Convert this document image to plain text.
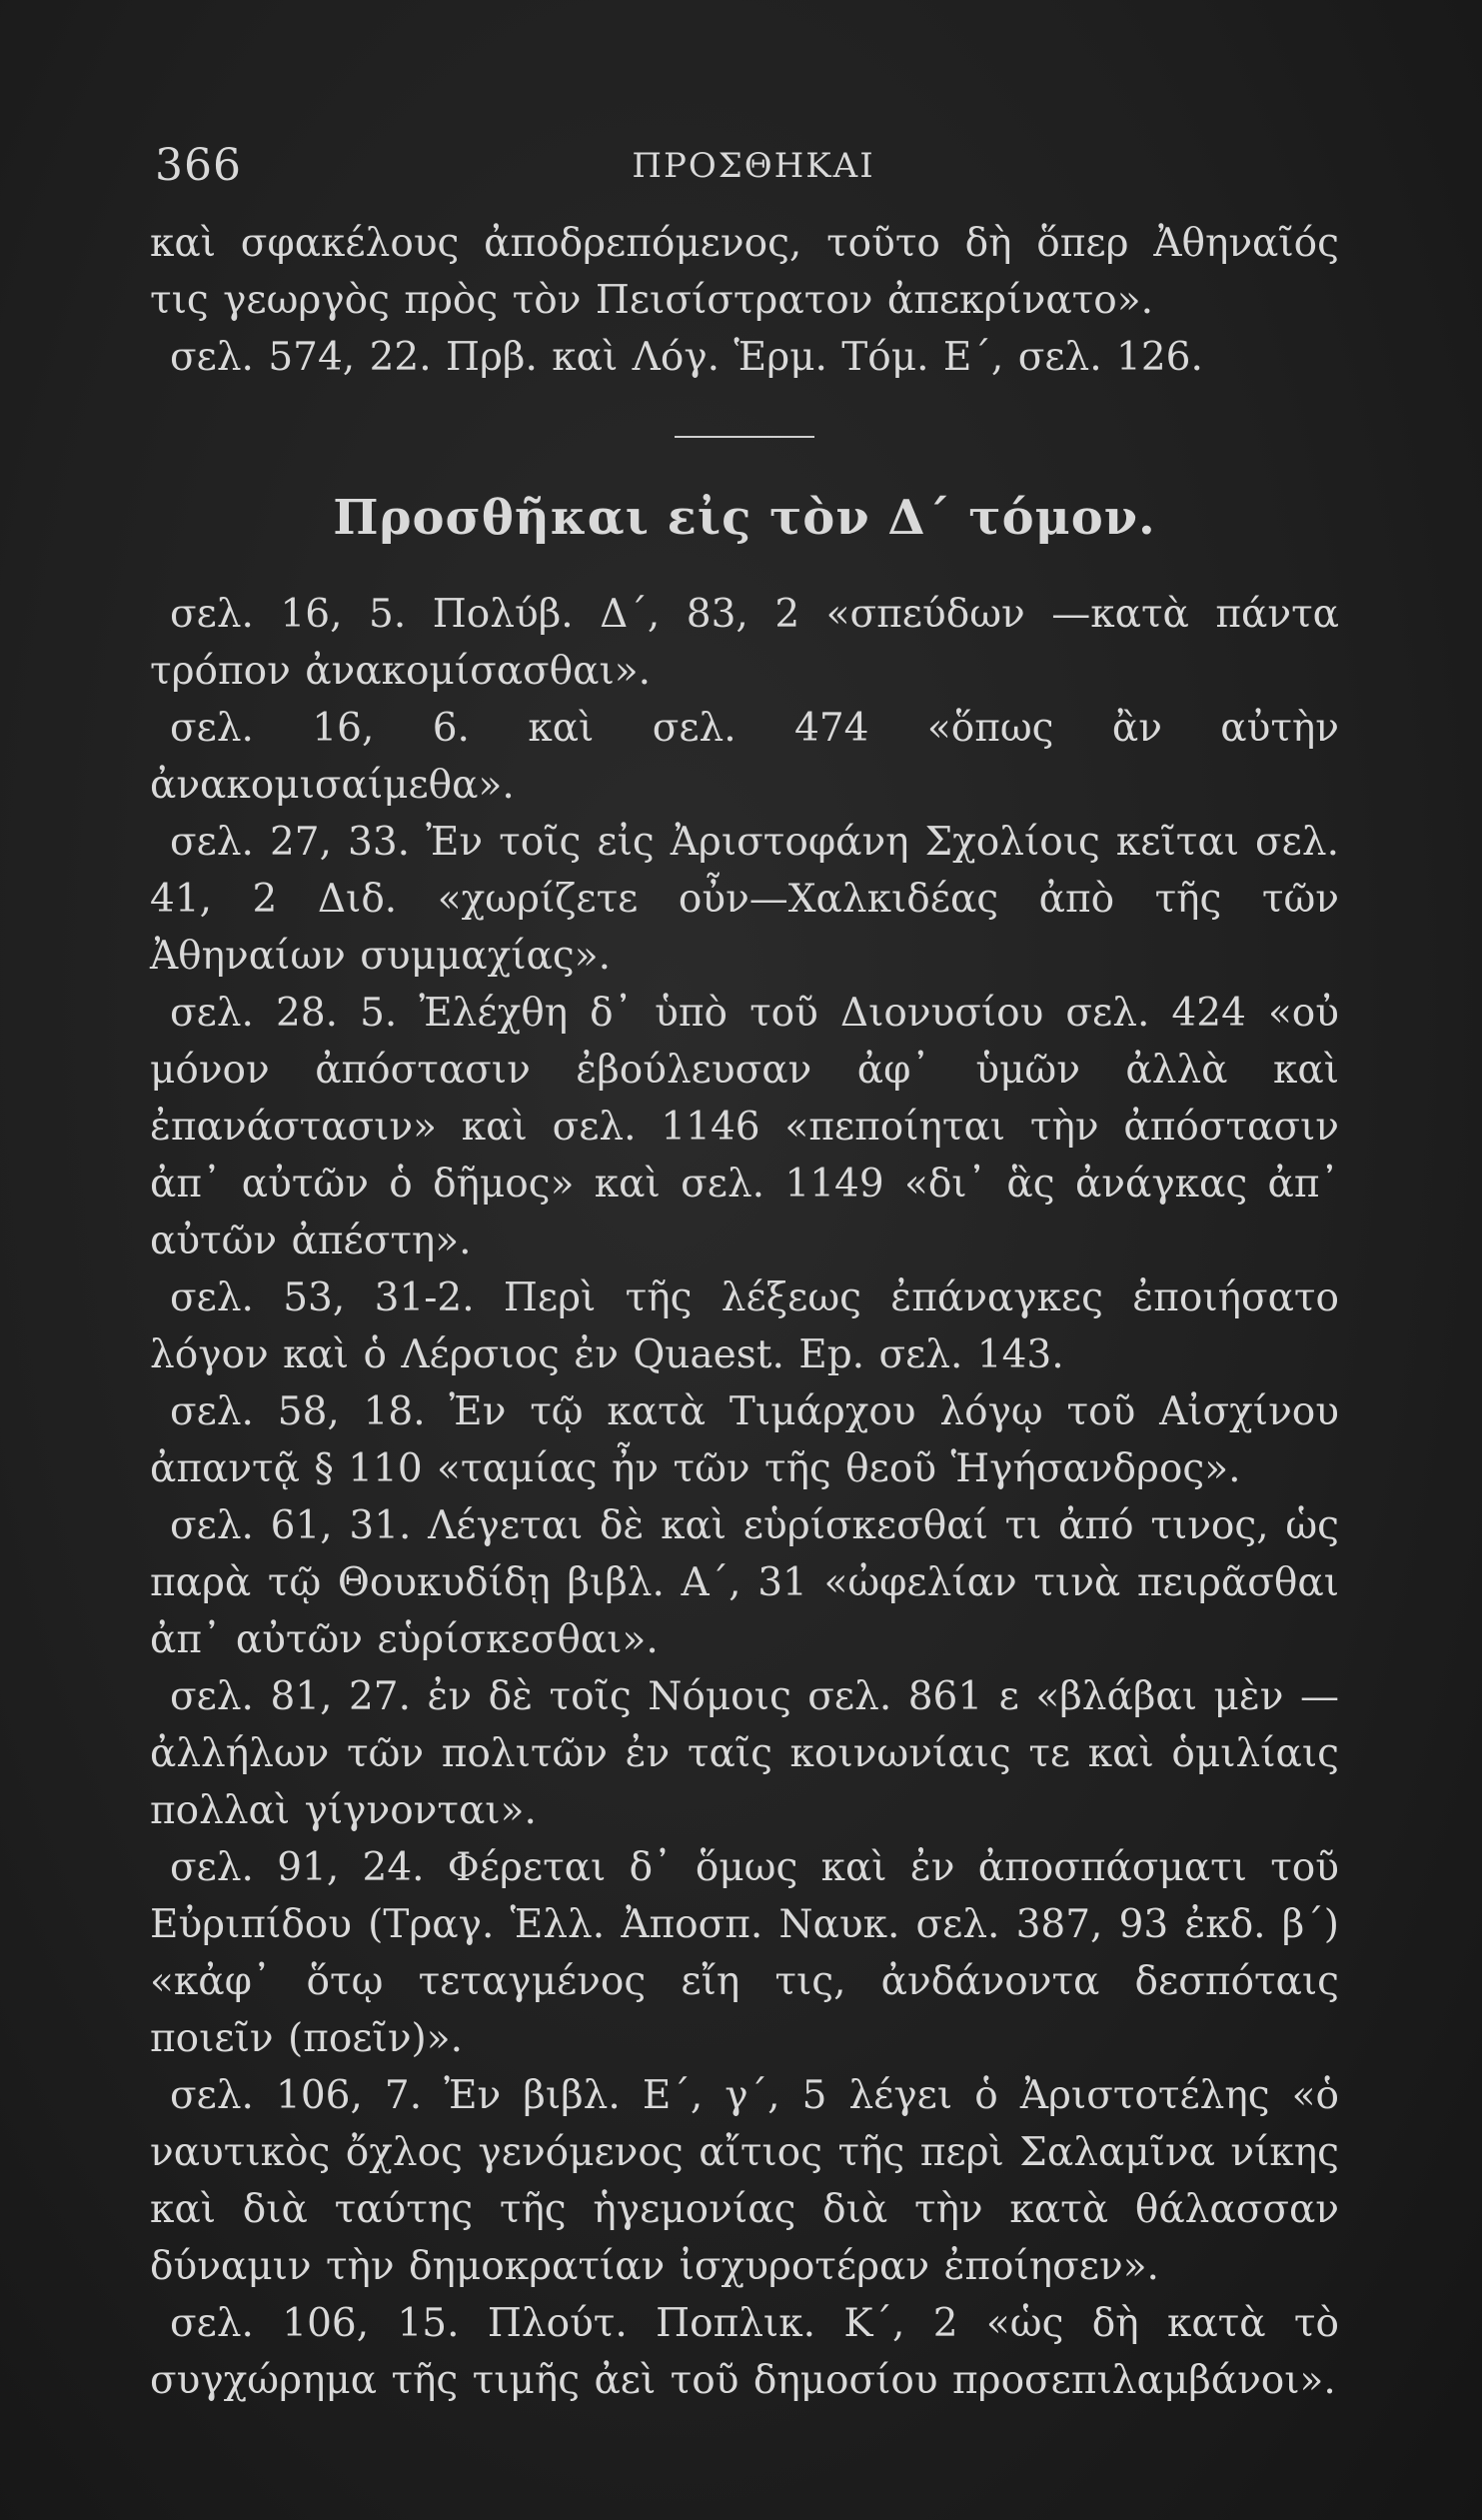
366	ΠΡΟΣΘΗΚΑΙ

καὶ σφακέλους ἀποδρεπόμενος, τοῦτο δὴ ὅπερ Ἀθηναῖός τις γεωργὸς πρὸς τὸν Πεισίστρατον ἀπεκρίνατο».

σελ. 574, 22. Πρβ. καὶ Λόγ. Ἑρμ. Τόμ. Ε΄, σελ. 126.

Προσθῆκαι εἰς τὸν Δ΄ τόμον.

σελ. 16, 5. Πολύβ. Δ΄, 83, 2 «σπεύδων —κατὰ πάντα τρόπον ἀνακομίσασθαι».

σελ. 16, 6. καὶ σελ. 474 «ὅπως ἂν αὐτὴν ἀνακομισαίμεθα».

σελ. 27, 33. Ἐν τοῖς εἰς Ἀριστοφάνη Σχολίοις κεῖται σελ. 41, 2 Διδ. «χωρίζετε οὖν—Χαλκιδέας ἀπὸ τῆς τῶν Ἀθηναίων συμμαχίας».

σελ. 28. 5. Ἐλέχθη δ᾽ ὑπὸ τοῦ Διονυσίου σελ. 424 «οὐ μόνον ἀπόστασιν ἐβούλευσαν ἀφ᾽ ὑμῶν ἀλλὰ καὶ ἐπανάστασιν» καὶ σελ. 1146 «πεποίηται τὴν ἀπόστασιν ἀπ᾽ αὐτῶν ὁ δῆμος» καὶ σελ. 1149 «δι᾽ ἃς ἀνάγκας ἀπ᾽ αὐτῶν ἀπέστη».

σελ. 53, 31-2. Περὶ τῆς λέξεως ἐπάναγκες ἐποιήσατο λόγον καὶ ὁ Λέρσιος ἐν Quaest. Ep. σελ. 143.

σελ. 58, 18. Ἐν τῷ κατὰ Τιμάρχου λόγῳ τοῦ Αἰσχίνου ἀπαντᾷ § 110 «ταμίας ἦν τῶν τῆς θεοῦ Ἡγήσανδρος».

σελ. 61, 31. Λέγεται δὲ καὶ εὑρίσκεσθαί τι ἀπό τινος, ὡς παρὰ τῷ Θουκυδίδῃ βιβλ. Α΄, 31 «ὠφελίαν τινὰ πειρᾶσθαι ἀπ᾽ αὐτῶν εὑρίσκεσθαι».

σελ. 81, 27. ἐν δὲ τοῖς Νόμοις σελ. 861 ε «βλάβαι μὲν — ἀλλήλων τῶν πολιτῶν ἐν ταῖς κοινωνίαις τε καὶ ὁμιλίαις πολλαὶ γίγνονται».

σελ. 91, 24. Φέρεται δ᾽ ὅμως καὶ ἐν ἀποσπάσματι τοῦ Εὐριπίδου (Τραγ. Ἑλλ. Ἀποσπ. Ναυκ. σελ. 387, 93 ἐκδ. β΄) «κἀφ᾽ ὅτῳ τεταγμένος εἴη τις, ἀνδάνοντα δεσπόταις ποιεῖν (ποεῖν)».

σελ. 106, 7. Ἐν βιβλ. Ε΄, γ΄, 5 λέγει ὁ Ἀριστοτέλης «ὁ ναυτικὸς ὄχλος γενόμενος αἴτιος τῆς περὶ Σαλαμῖνα νίκης καὶ διὰ ταύτης τῆς ἡγεμονίας διὰ τὴν κατὰ θάλασσαν δύναμιν τὴν δημοκρατίαν ἰσχυροτέραν ἐποίησεν».

σελ. 106, 15. Πλούτ. Ποπλικ. Κ΄, 2 «ὡς δὴ κατὰ τὸ συγχώρημα τῆς τιμῆς ἀεὶ τοῦ δημοσίου προσεπιλαμβάνοι».
